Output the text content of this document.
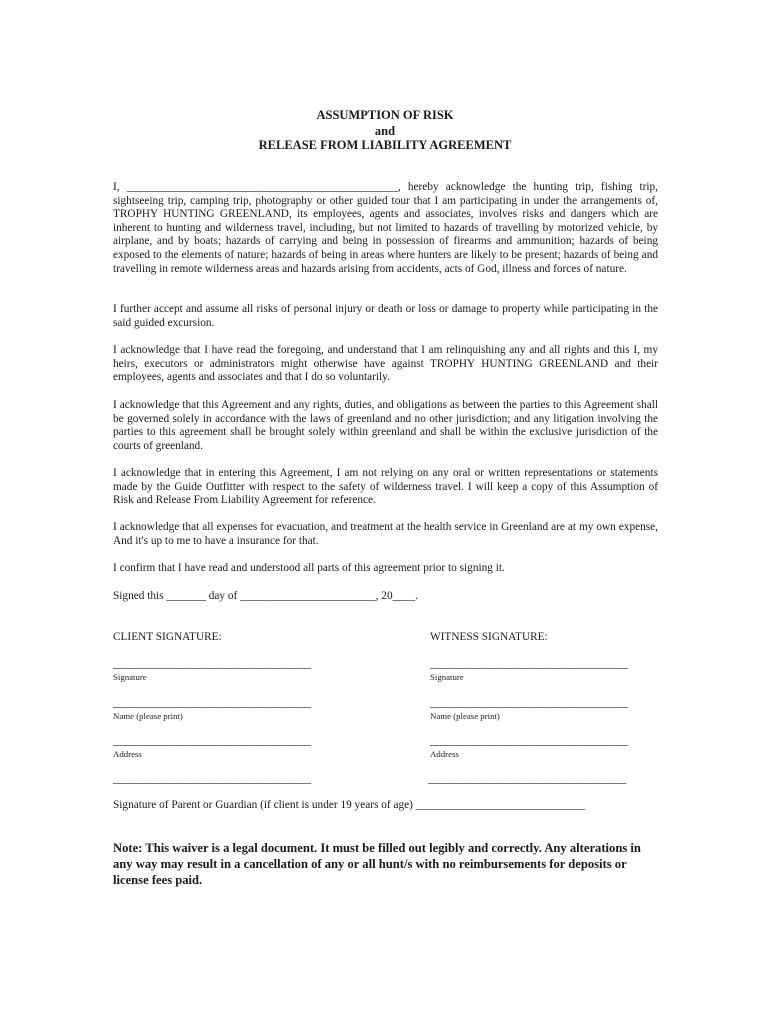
ASSUMPTION OF RISK
and
RELEASE FROM LIABILITY AGREEMENT
I, ________________________________________________, hereby acknowledge the hunting trip, fishing trip, sightseeing trip, camping trip, photography or other guided tour that I am participating in under the arrangements of, TROPHY HUNTING GREENLAND, its employees, agents and associates, involves risks and dangers which are inherent to hunting and wilderness travel, including, but not limited to hazards of travelling by motorized vehicle, by airplane, and by boats; hazards of carrying and being in possession of firearms and ammunition; hazards of being exposed to the elements of nature; hazards of being in areas where hunters are likely to be present; hazards of being and travelling in remote wilderness areas and hazards arising from accidents, acts of God, illness and forces of nature.
I further accept and assume all risks of personal injury or death or loss or damage to property while participating in the said guided excursion.
I acknowledge that I have read the foregoing, and understand that I am relinquishing any and all rights and this I, my heirs, executors or administrators might otherwise have against TROPHY HUNTING GREENLAND and their employees, agents and associates and that I do so voluntarily.
I acknowledge that this Agreement and any rights, duties, and obligations as between the parties to this Agreement shall be governed solely in accordance with the laws of greenland and no other jurisdiction; and any litigation involving the parties to this agreement shall be brought solely within greenland and shall be within the exclusive jurisdiction of the courts of greenland.
I acknowledge that in entering this Agreement, I am not relying on any oral or written representations or statements made by the Guide Outfitter with respect to the safety of wilderness travel. I will keep a copy of this Assumption of Risk and Release From Liability Agreement for reference.
I acknowledge that all expenses for evacuation, and treatment at the health service in Greenland are at my own expense, And it's up to me to have a insurance for that.
I confirm that I have read and understood all parts of this agreement prior to signing it.
Signed this _______ day of ________________________, 20____.
CLIENT SIGNATURE:	WITNESS SIGNATURE:
_____________________________________
Signature
_____________________________________
Signature
_____________________________________
Name (please print)
_____________________________________
Name (please print)
_____________________________________
Address
_____________________________________
Address
_____________________________________	_____________________________________
Signature of Parent or Guardian (if client is under 19 years of age) ______________________________
Note: This waiver is a legal document. It must be filled out legibly and correctly. Any alterations in any way may result in a cancellation of any or all hunt/s with no reimbursements for deposits or license fees paid.
